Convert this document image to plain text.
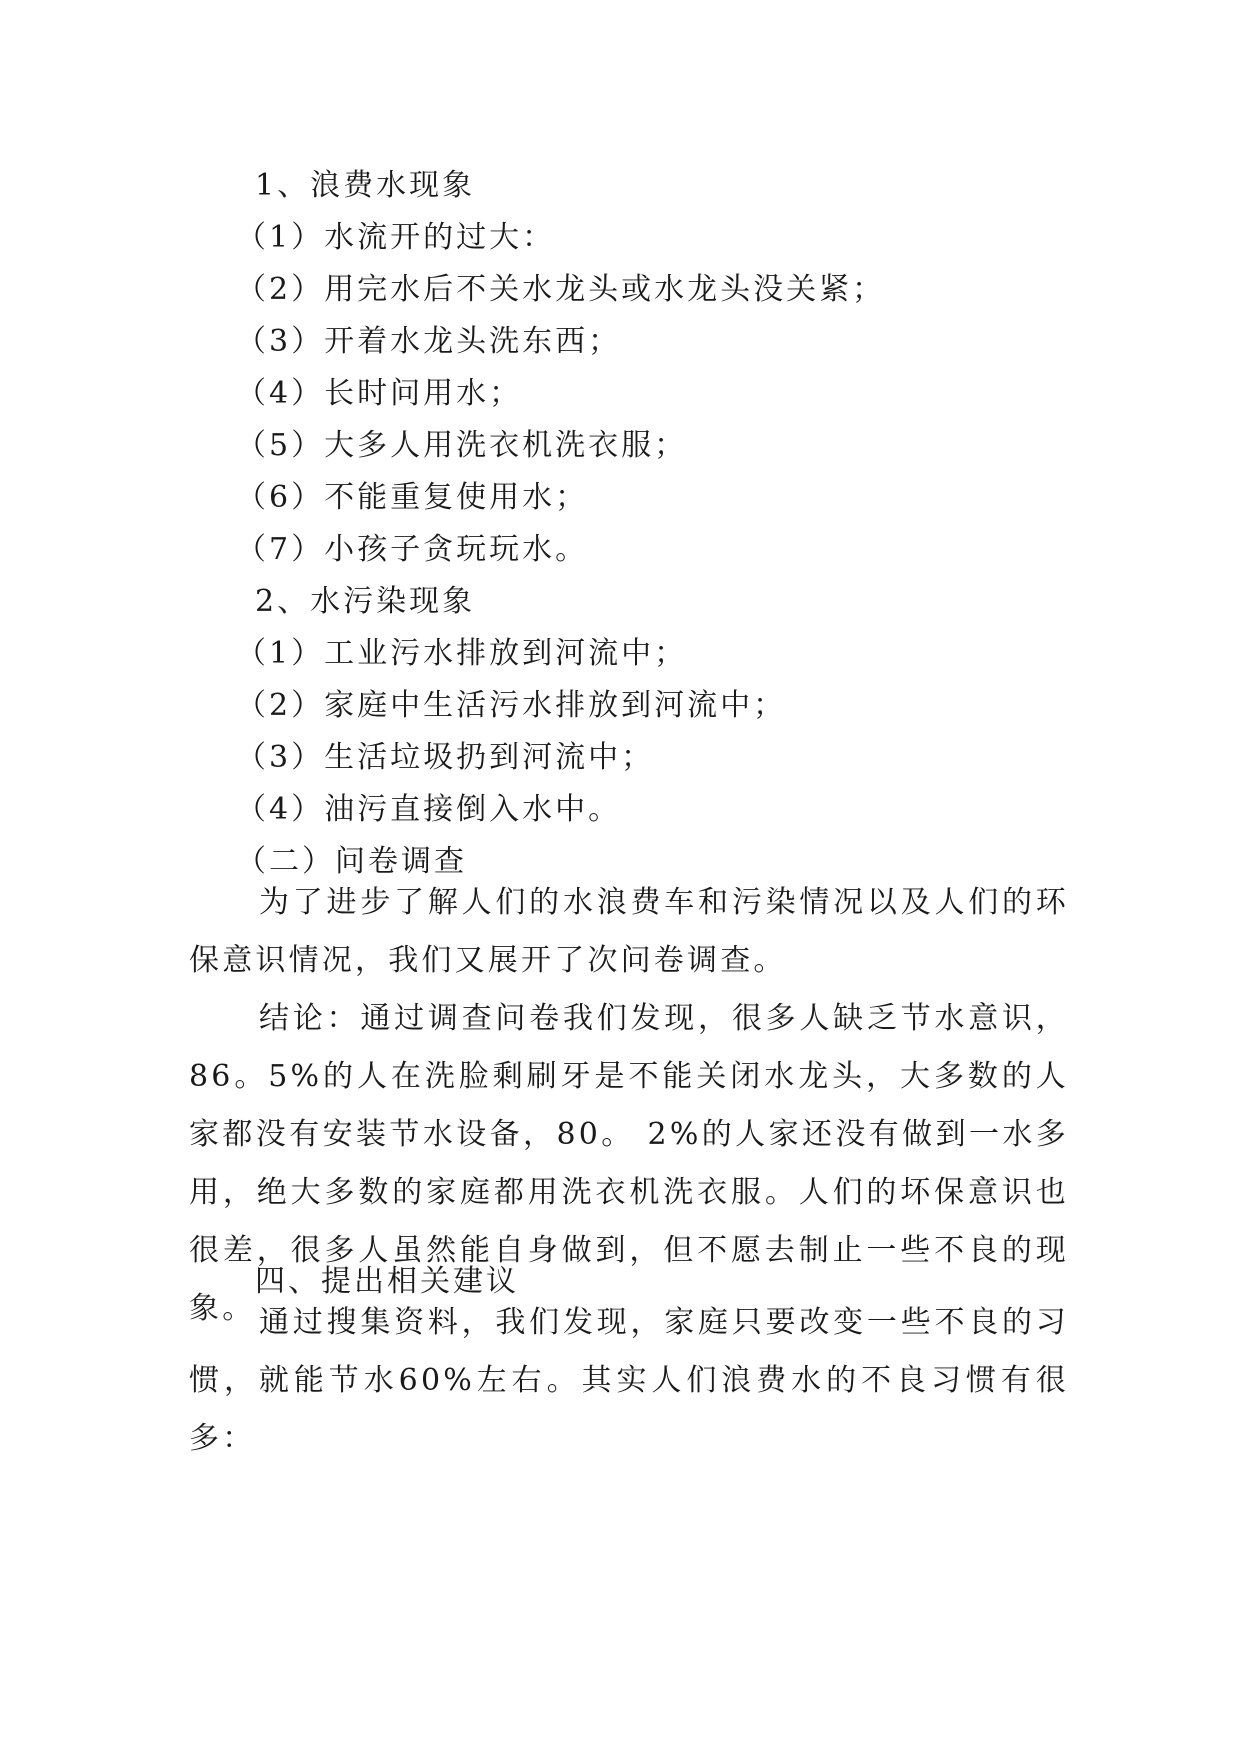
1、浪费水现象
（1）水流开的过大：
（2）用完水后不关水龙头或水龙头没关紧；
（3）开着水龙头洗东西；
（4）长时问用水；
（5）大多人用洗衣机洗衣服；
（6）不能重复使用水；
（7）小孩子贪玩玩水。
2、水污染现象
（1）工业污水排放到河流中；
（2）家庭中生活污水排放到河流中；
（3）生活垃圾扔到河流中；
（4）油污直接倒入水中。
（二）问卷调查
为了进步了解人们的水浪费车和污染情况以及人们的环保意识情况，我们又展开了次问卷调查。
结论：通过调查问卷我们发现，很多人缺乏节水意识，86。5%的人在洗脸剩刷牙是不能关闭水龙头，大多数的人家都没有安装节水设备，80。 2%的人家还没有做到一水多用，绝大多数的家庭都用洗衣机洗衣服。人们的坏保意识也很差，很多人虽然能自身做到，但不愿去制止一些不良的现象。
四、提出相关建议
通过搜集资料，我们发现，家庭只要改变一些不良的习惯，就能节水60%左右。其实人们浪费水的不良习惯有很多：
